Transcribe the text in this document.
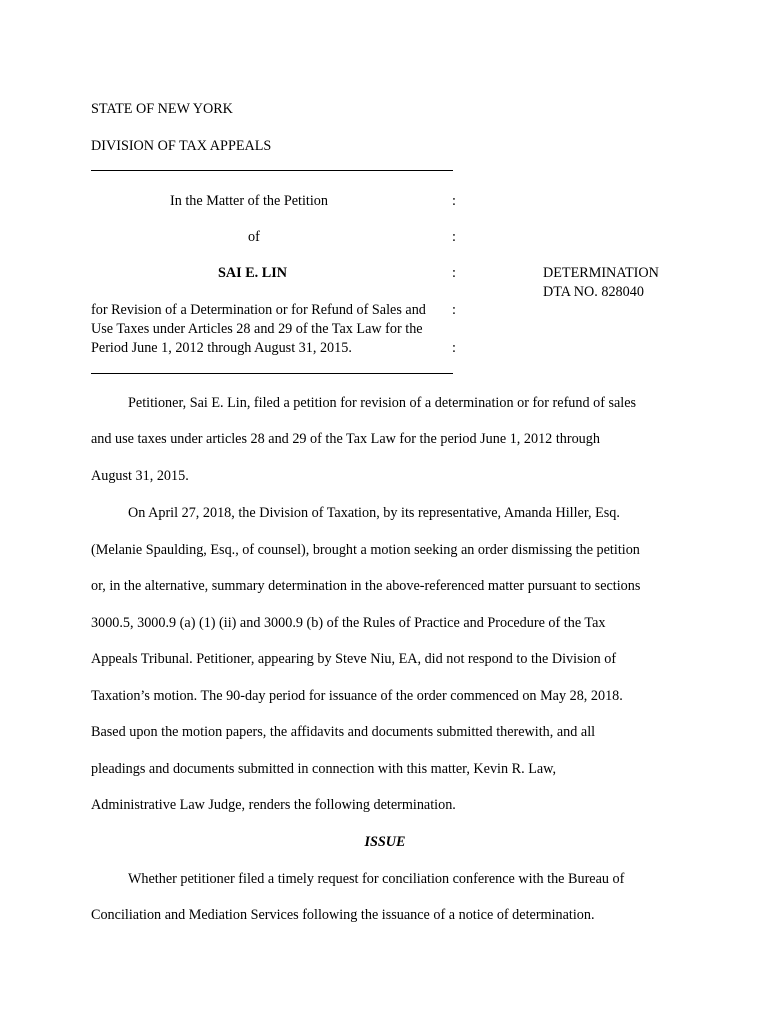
STATE OF NEW YORK
DIVISION OF TAX APPEALS
In the Matter of the Petition	:
of	:
SAI E. LIN	:	DETERMINATION
DTA NO. 828040
for Revision of a Determination or for Refund of Sales and :
Use Taxes under Articles 28 and 29 of the Tax Law for the
Period June 1, 2012 through August 31, 2015.	:
Petitioner, Sai E. Lin, filed a petition for revision of a determination or for refund of sales
and use taxes under articles 28 and 29 of the Tax Law for the period June 1, 2012 through
August 31, 2015.
On April 27, 2018, the Division of Taxation, by its representative, Amanda Hiller, Esq.
(Melanie Spaulding, Esq., of counsel), brought a motion seeking an order dismissing the petition
or, in the alternative, summary determination in the above-referenced matter pursuant to sections
3000.5, 3000.9 (a) (1) (ii) and 3000.9 (b) of the Rules of Practice and Procedure of the Tax
Appeals Tribunal. Petitioner, appearing by Steve Niu, EA, did not respond to the Division of
Taxation’s motion. The 90-day period for issuance of the order commenced on May 28, 2018.
Based upon the motion papers, the affidavits and documents submitted therewith, and all
pleadings and documents submitted in connection with this matter, Kevin R. Law,
Administrative Law Judge, renders the following determination.
ISSUE
Whether petitioner filed a timely request for conciliation conference with the Bureau of
Conciliation and Mediation Services following the issuance of a notice of determination.
